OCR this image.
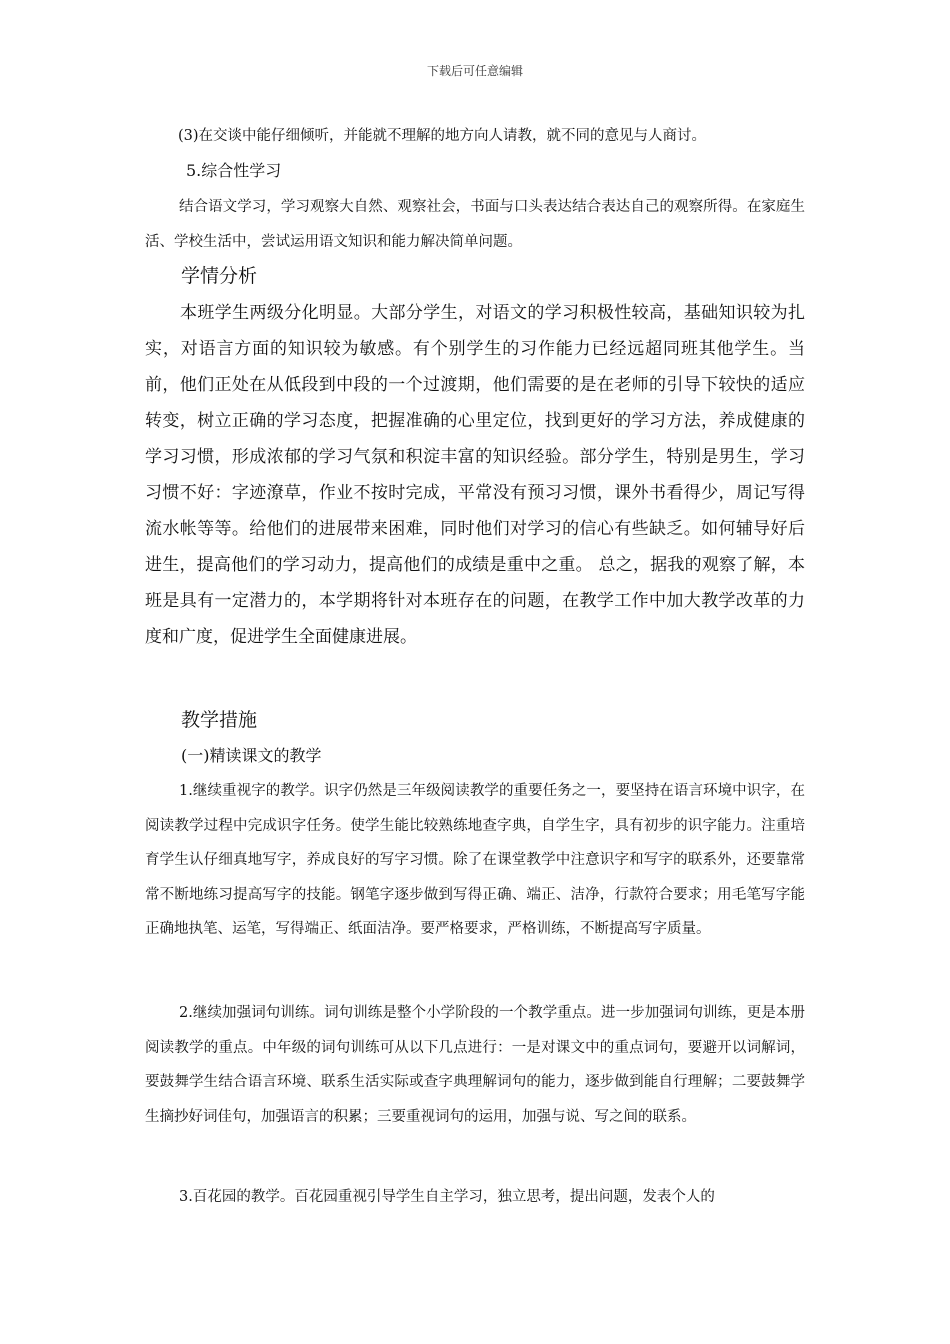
下载后可任意编辑

(3)在交谈中能仔细倾听，并能就不理解的地方向人请教，就不同的意见与人商讨。

5.综合性学习

结合语文学习，学习观察大自然、观察社会，书面与口头表达结合表达自己的观察所得。在家庭生活、学校生活中，尝试运用语文知识和能力解决简单问题。

学情分析

本班学生两级分化明显。大部分学生，对语文的学习积极性较高，基础知识较为扎实，对语言方面的知识较为敏感。有个别学生的习作能力已经远超同班其他学生。当前，他们正处在从低段到中段的一个过渡期，他们需要的是在老师的引导下较快的适应转变，树立正确的学习态度，把握准确的心里定位，找到更好的学习方法，养成健康的学习习惯，形成浓郁的学习气氛和积淀丰富的知识经验。部分学生，特别是男生，学习习惯不好：字迹潦草，作业不按时完成，平常没有预习习惯，课外书看得少，周记写得流水帐等等。给他们的进展带来困难，同时他们对学习的信心有些缺乏。如何辅导好后进生，提高他们的学习动力，提高他们的成绩是重中之重。 总之，据我的观察了解，本班是具有一定潜力的，本学期将针对本班存在的问题，在教学工作中加大教学改革的力度和广度，促进学生全面健康进展。

教学措施
(一)精读课文的教学

1.继续重视字的教学。识字仍然是三年级阅读教学的重要任务之一，要坚持在语言环境中识字，在阅读教学过程中完成识字任务。使学生能比较熟练地查字典，自学生字，具有初步的识字能力。注重培育学生认仔细真地写字，养成良好的写字习惯。除了在课堂教学中注意识字和写字的联系外，还要靠常常不断地练习提高写字的技能。钢笔字逐步做到写得正确、端正、洁净，行款符合要求；用毛笔写字能正确地执笔、运笔，写得端正、纸面洁净。要严格要求，严格训练，不断提高写字质量。

2.继续加强词句训练。词句训练是整个小学阶段的一个教学重点。进一步加强词句训练，更是本册阅读教学的重点。中年级的词句训练可从以下几点进行：一是对课文中的重点词句，要避开以词解词，要鼓舞学生结合语言环境、联系生活实际或查字典理解词句的能力，逐步做到能自行理解；二要鼓舞学生摘抄好词佳句，加强语言的积累；三要重视词句的运用，加强与说、写之间的联系。

3.百花园的教学。百花园重视引导学生自主学习，独立思考，提出问题，发表个人的
